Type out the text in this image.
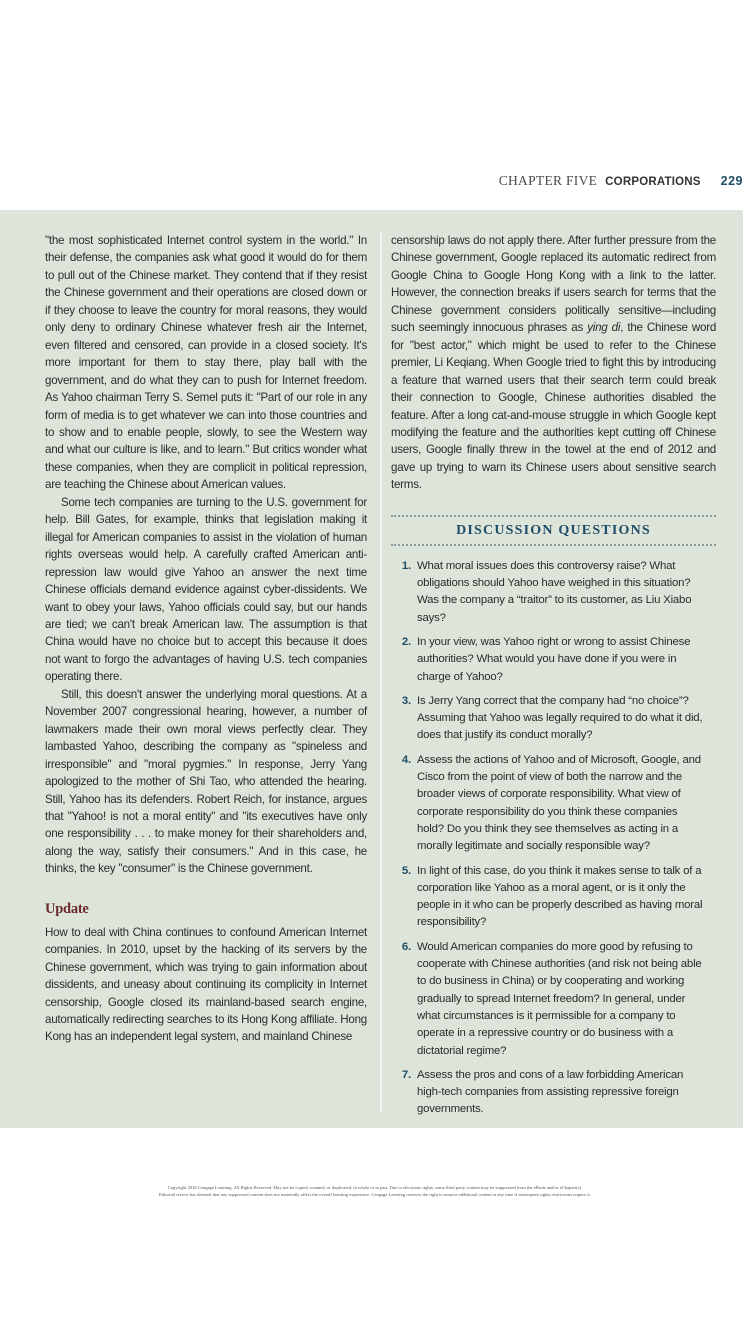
CHAPTER FIVE CORPORATIONS 229

"the most sophisticated Internet control system in the world." In their defense, the companies ask what good it would do for them to pull out of the Chinese market. They contend that if they resist the Chinese government and their operations are closed down or if they choose to leave the country for moral reasons, they would only deny to ordinary Chinese whatever fresh air the Internet, even filtered and censored, can provide in a closed society. It's more important for them to stay there, play ball with the government, and do what they can to push for Internet freedom. As Yahoo chairman Terry S. Semel puts it: "Part of our role in any form of media is to get whatever we can into those countries and to show and to enable people, slowly, to see the Western way and what our culture is like, and to learn." But critics wonder what these companies, when they are complicit in political repression, are teaching the Chinese about American values.

Some tech companies are turning to the U.S. government for help. Bill Gates, for example, thinks that legislation making it illegal for American companies to assist in the violation of human rights overseas would help. A carefully crafted American anti-repression law would give Yahoo an answer the next time Chinese officials demand evidence against cyber-dissidents. We want to obey your laws, Yahoo officials could say, but our hands are tied; we can't break American law. The assumption is that China would have no choice but to accept this because it does not want to forgo the advantages of having U.S. tech companies operating there.

Still, this doesn't answer the underlying moral questions. At a November 2007 congressional hearing, however, a number of lawmakers made their own moral views perfectly clear. They lambasted Yahoo, describing the company as "spineless and irresponsible" and "moral pygmies." In response, Jerry Yang apologized to the mother of Shi Tao, who attended the hearing. Still, Yahoo has its defenders. Robert Reich, for instance, argues that "Yahoo! is not a moral entity" and "its executives have only one responsibility . . . to make money for their shareholders and, along the way, satisfy their consumers." And in this case, he thinks, the key "consumer" is the Chinese government.

Update

How to deal with China continues to confound American Internet companies. In 2010, upset by the hacking of its servers by the Chinese government, which was trying to gain information about dissidents, and uneasy about continuing its complicity in Internet censorship, Google closed its mainland-based search engine, automatically redirecting searches to its Hong Kong affiliate. Hong Kong has an independent legal system, and mainland Chinese

censorship laws do not apply there. After further pressure from the Chinese government, Google replaced its automatic redirect from Google China to Google Hong Kong with a link to the latter. However, the connection breaks if users search for terms that the Chinese government considers politically sensitive—including such seemingly innocuous phrases as ying di, the Chinese word for "best actor," which might be used to refer to the Chinese premier, Li Keqiang. When Google tried to fight this by introducing a feature that warned users that their search term could break their connection to Google, Chinese authorities disabled the feature. After a long cat-and-mouse struggle in which Google kept modifying the feature and the authorities kept cutting off Chinese users, Google finally threw in the towel at the end of 2012 and gave up trying to warn its Chinese users about sensitive search terms.

DISCUSSION QUESTIONS
1. What moral issues does this controversy raise? What obligations should Yahoo have weighed in this situation? Was the company a “traitor” to its customer, as Liu Xiabo says?
2. In your view, was Yahoo right or wrong to assist Chinese authorities? What would you have done if you were in charge of Yahoo?
3. Is Jerry Yang correct that the company had “no choice”? Assuming that Yahoo was legally required to do what it did, does that justify its conduct morally?
4. Assess the actions of Yahoo and of Microsoft, Google, and Cisco from the point of view of both the narrow and the broader views of corporate responsibility. What view of corporate responsibility do you think these companies hold? Do you think they see themselves as acting in a morally legitimate and socially responsible way?
5. In light of this case, do you think it makes sense to talk of a corporation like Yahoo as a moral agent, or is it only the people in it who can be properly described as having moral responsibility?
6. Would American companies do more good by refusing to cooperate with Chinese authorities (and risk not being able to do business in China) or by cooperating and working gradually to spread Internet freedom? In general, under what circumstances is it permissible for a company to operate in a repressive country or do business with a dictatorial regime?
7. Assess the pros and cons of a law forbidding American high-tech companies from assisting repressive foreign governments.
Copyright 2016 Cengage Learning. All Rights Reserved. May not be copied, scanned, or duplicated, in whole or in part. Due to electronic rights, some third party content may be suppressed from the eBook and/or eChapter(s).
Editorial review has deemed that any suppressed content does not materially affect the overall learning experience. Cengage Learning reserves the right to remove additional content at any time if subsequent rights restrictions require it.
